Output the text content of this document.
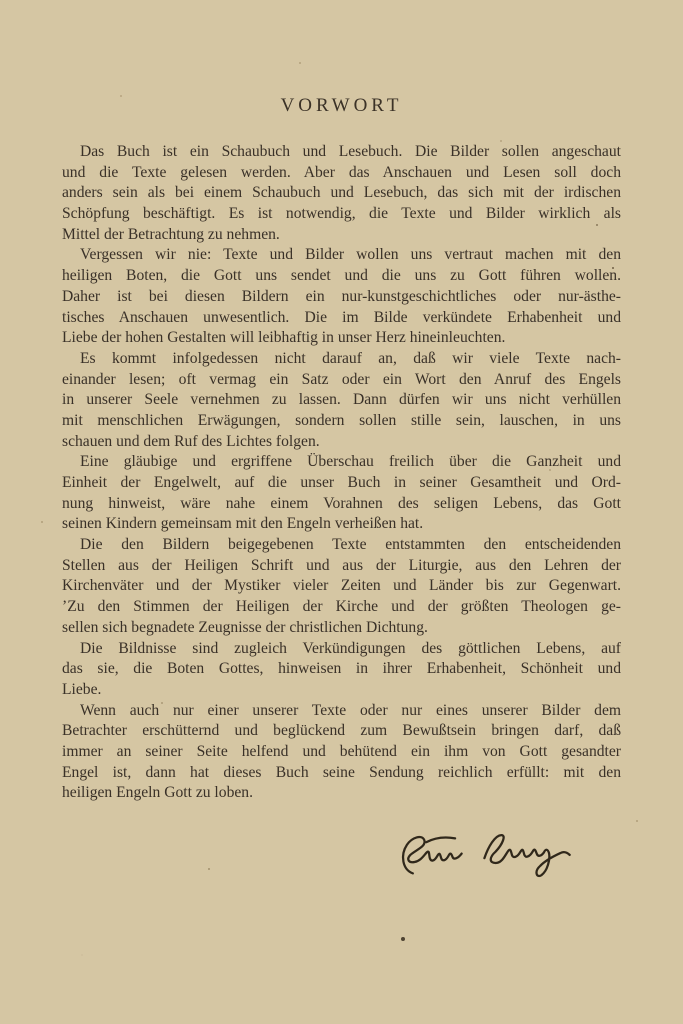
VORWORT
Das Buch ist ein Schaubuch und Lesebuch. Die Bilder sollen angeschaut
und die Texte gelesen werden. Aber das Anschauen und Lesen soll doch
anders sein als bei einem Schaubuch und Lesebuch, das sich mit der irdischen
Schöpfung beschäftigt. Es ist notwendig, die Texte und Bilder wirklich als
Mittel der Betrachtung zu nehmen.
Vergessen wir nie: Texte und Bilder wollen uns vertraut machen mit den
heiligen Boten, die Gott uns sendet und die uns zu Gott führen wollen.
Daher ist bei diesen Bildern ein nur-kunstgeschichtliches oder nur-ästhe-
tisches Anschauen unwesentlich. Die im Bilde verkündete Erhabenheit und
Liebe der hohen Gestalten will leibhaftig in unser Herz hineinleuchten.
Es kommt infolgedessen nicht darauf an, daß wir viele Texte nach-
einander lesen; oft vermag ein Satz oder ein Wort den Anruf des Engels
in unserer Seele vernehmen zu lassen. Dann dürfen wir uns nicht verhüllen
mit menschlichen Erwägungen, sondern sollen stille sein, lauschen, in uns
schauen und dem Ruf des Lichtes folgen.
Eine gläubige und ergriffene Überschau freilich über die Ganzheit und
Einheit der Engelwelt, auf die unser Buch in seiner Gesamtheit und Ord-
nung hinweist, wäre nahe einem Vorahnen des seligen Lebens, das Gott
seinen Kindern gemeinsam mit den Engeln verheißen hat.
Die den Bildern beigegebenen Texte entstammten den entscheidenden
Stellen aus der Heiligen Schrift und aus der Liturgie, aus den Lehren der
Kirchenväter und der Mystiker vieler Zeiten und Länder bis zur Gegenwart.
’Zu den Stimmen der Heiligen der Kirche und der größten Theologen ge-
sellen sich begnadete Zeugnisse der christlichen Dichtung.
Die Bildnisse sind zugleich Verkündigungen des göttlichen Lebens, auf
das sie, die Boten Gottes, hinweisen in ihrer Erhabenheit, Schönheit und
Liebe.
Wenn auch nur einer unserer Texte oder nur eines unserer Bilder dem
Betrachter erschütternd und beglückend zum Bewußtsein bringen darf, daß
immer an seiner Seite helfend und behütend ein ihm von Gott gesandter
Engel ist, dann hat dieses Buch seine Sendung reichlich erfüllt: mit den
heiligen Engeln Gott zu loben.
